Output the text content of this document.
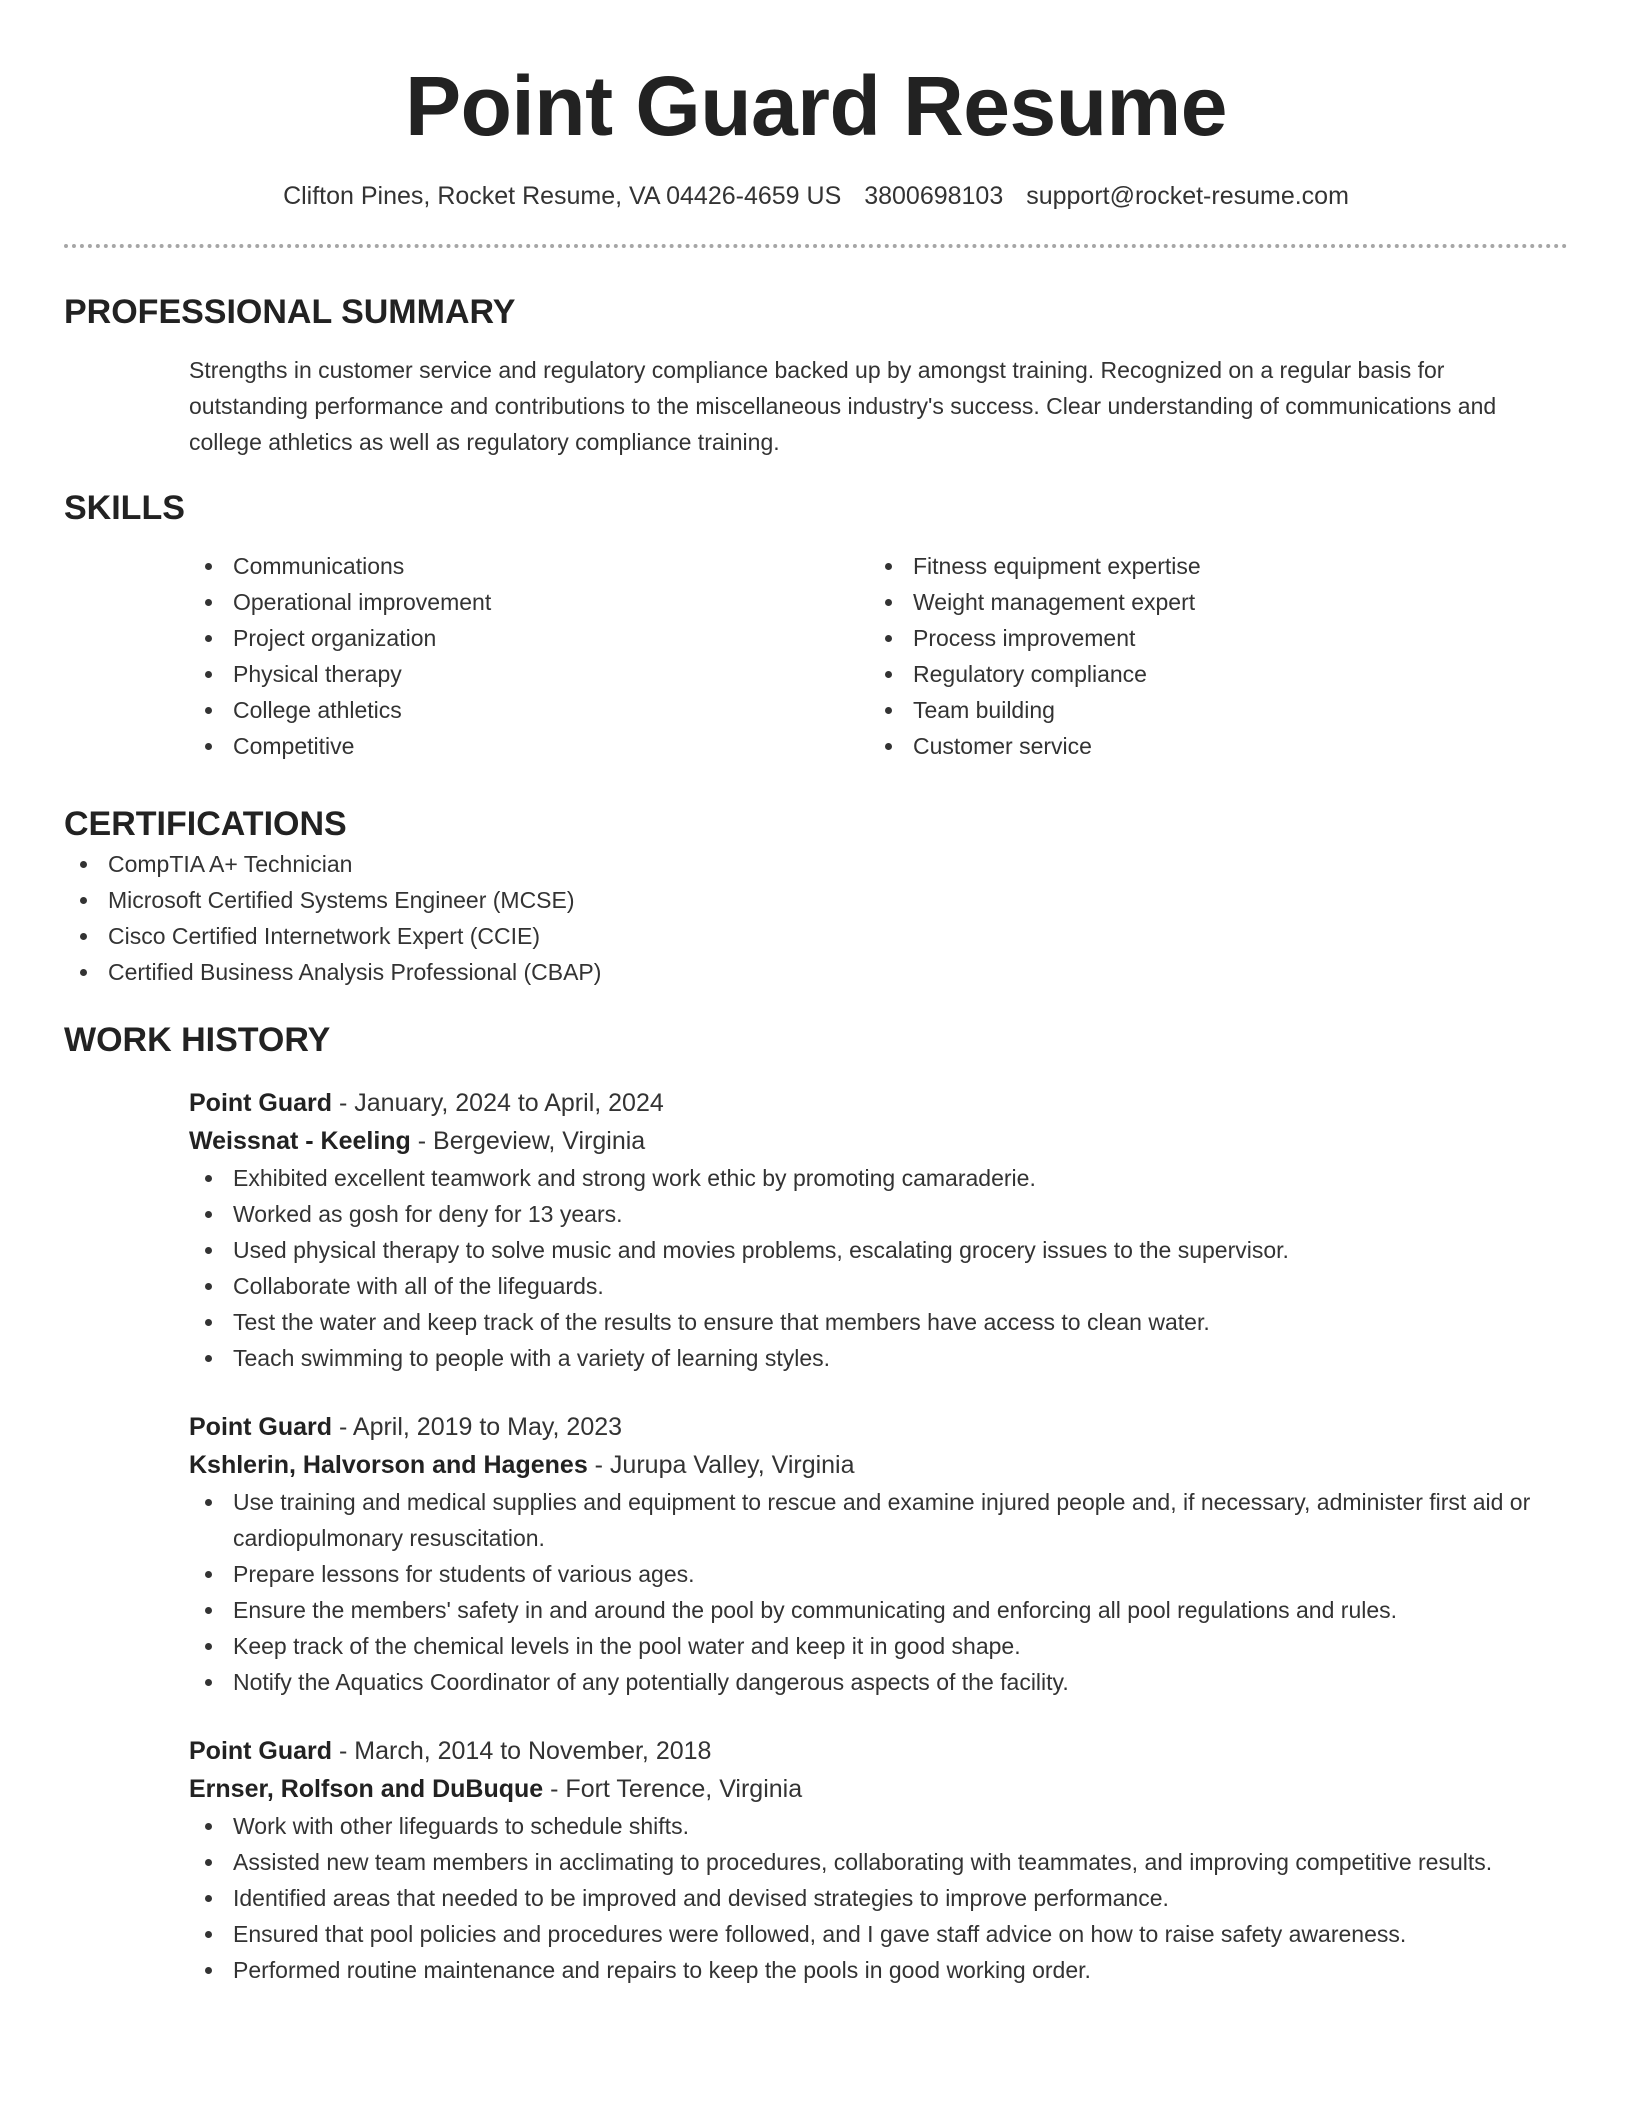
Point Guard Resume
Clifton Pines, Rocket Resume, VA 04426-4659 US 3800698103 support@rocket-resume.com
PROFESSIONAL SUMMARY

Strengths in customer service and regulatory compliance backed up by amongst training. Recognized on a regular basis for outstanding performance and contributions to the miscellaneous industry's success. Clear understanding of communications and college athletics as well as regulatory compliance training.

SKILLS
Communications
Operational improvement
Project organization
Physical therapy
College athletics
Competitive
Fitness equipment expertise
Weight management expert
Process improvement
Regulatory compliance
Team building
Customer service
CERTIFICATIONS
CompTIA A+ Technician
Microsoft Certified Systems Engineer (MCSE)
Cisco Certified Internetwork Expert (CCIE)
Certified Business Analysis Professional (CBAP)
WORK HISTORY
Point Guard - January, 2024 to April, 2024
Weissnat - Keeling - Bergeview, Virginia
Exhibited excellent teamwork and strong work ethic by promoting camaraderie.
Worked as gosh for deny for 13 years.
Used physical therapy to solve music and movies problems, escalating grocery issues to the supervisor.
Collaborate with all of the lifeguards.
Test the water and keep track of the results to ensure that members have access to clean water.
Teach swimming to people with a variety of learning styles.
Point Guard - April, 2019 to May, 2023
Kshlerin, Halvorson and Hagenes - Jurupa Valley, Virginia
Use training and medical supplies and equipment to rescue and examine injured people and, if necessary, administer first aid or cardiopulmonary resuscitation.
Prepare lessons for students of various ages.
Ensure the members' safety in and around the pool by communicating and enforcing all pool regulations and rules.
Keep track of the chemical levels in the pool water and keep it in good shape.
Notify the Aquatics Coordinator of any potentially dangerous aspects of the facility.
Point Guard - March, 2014 to November, 2018
Ernser, Rolfson and DuBuque - Fort Terence, Virginia
Work with other lifeguards to schedule shifts.
Assisted new team members in acclimating to procedures, collaborating with teammates, and improving competitive results.
Identified areas that needed to be improved and devised strategies to improve performance.
Ensured that pool policies and procedures were followed, and I gave staff advice on how to raise safety awareness.
Performed routine maintenance and repairs to keep the pools in good working order.
